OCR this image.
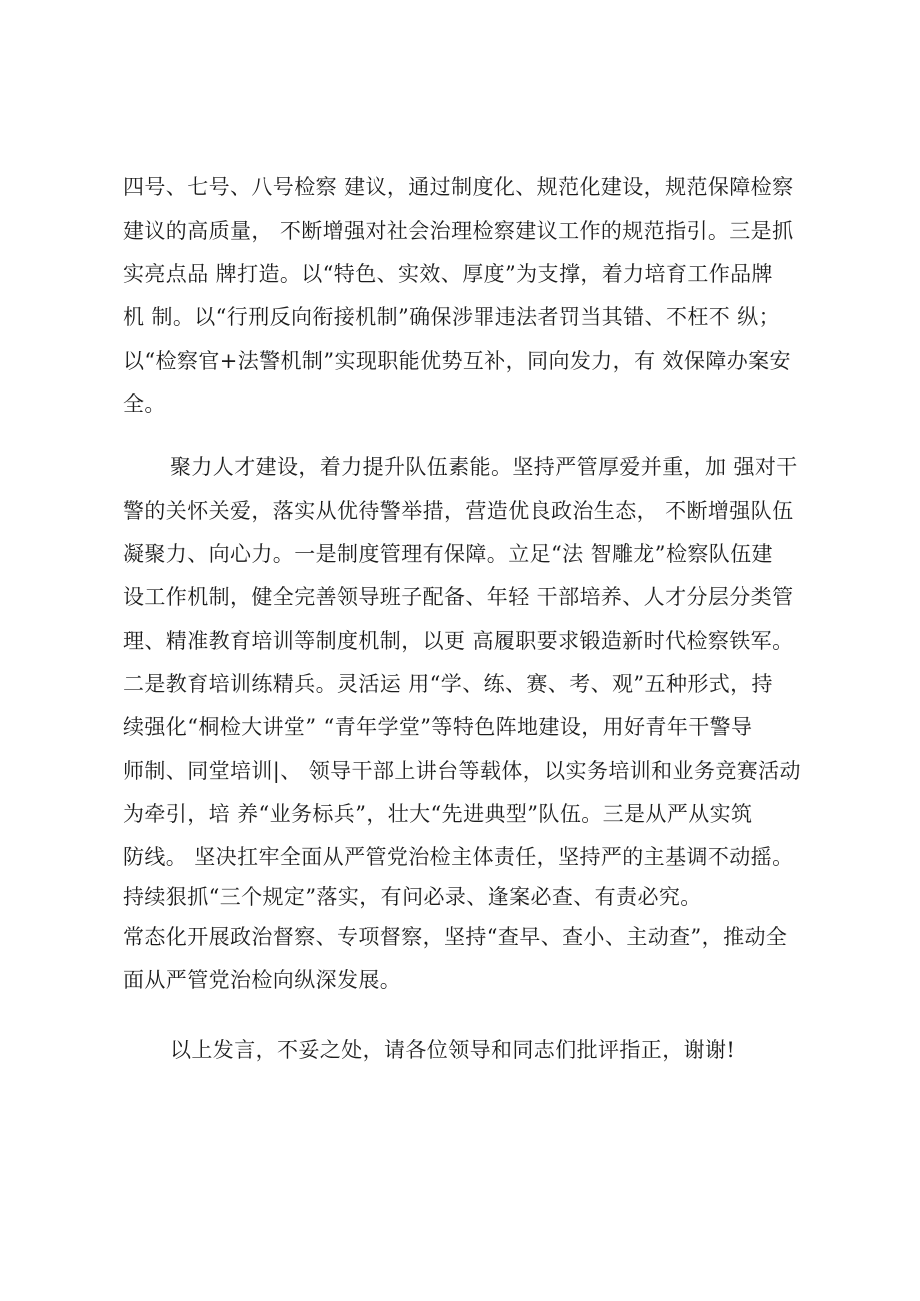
四号、七号、八号检察 建议，通过制度化、规范化建设，规范保障检察
建议的高质量， 不断增强对社会治理检察建议工作的规范指引。三是抓
实亮点品 牌打造。以“特色、实效、厚度”为支撑，着力培育工作品牌
机 制。以“行刑反向衔接机制”确保涉罪违法者罚当其错、不枉不 纵；
以“检察官+法警机制”实现职能优势互补，同向发力，有 效保障办案安
全。
聚力人才建设，着力提升队伍素能。坚持严管厚爱并重，加 强对干
警的关怀关爱，落实从优待警举措，营造优良政治生态， 不断增强队伍
凝聚力、向心力。一是制度管理有保障。立足“法 智雕龙”检察队伍建
设工作机制，健全完善领导班子配备、年轻 干部培养、人才分层分类管
理、精准教育培训等制度机制，以更 高履职要求锻造新时代检察铁军。
二是教育培训练精兵。灵活运 用“学、练、赛、考、观”五种形式，持
续强化“桐检大讲堂” “青年学堂”等特色阵地建设，用好青年干警导
师制、同堂培训|、 领导干部上讲台等载体，以实务培训和业务竞赛活动
为牵引，培 养“业务标兵”，壮大“先进典型”队伍。三是从严从实筑
防线。 坚决扛牢全面从严管党治检主体责任，坚持严的主基调不动摇。
持续狠抓“三个规定”落实，有问必录、逢案必查、有责必究。
常态化开展政治督察、专项督察，坚持“查早、查小、主动查”，推动全
面从严管党治检向纵深发展。
以上发言，不妥之处，请各位领导和同志们批评指正，谢谢!
